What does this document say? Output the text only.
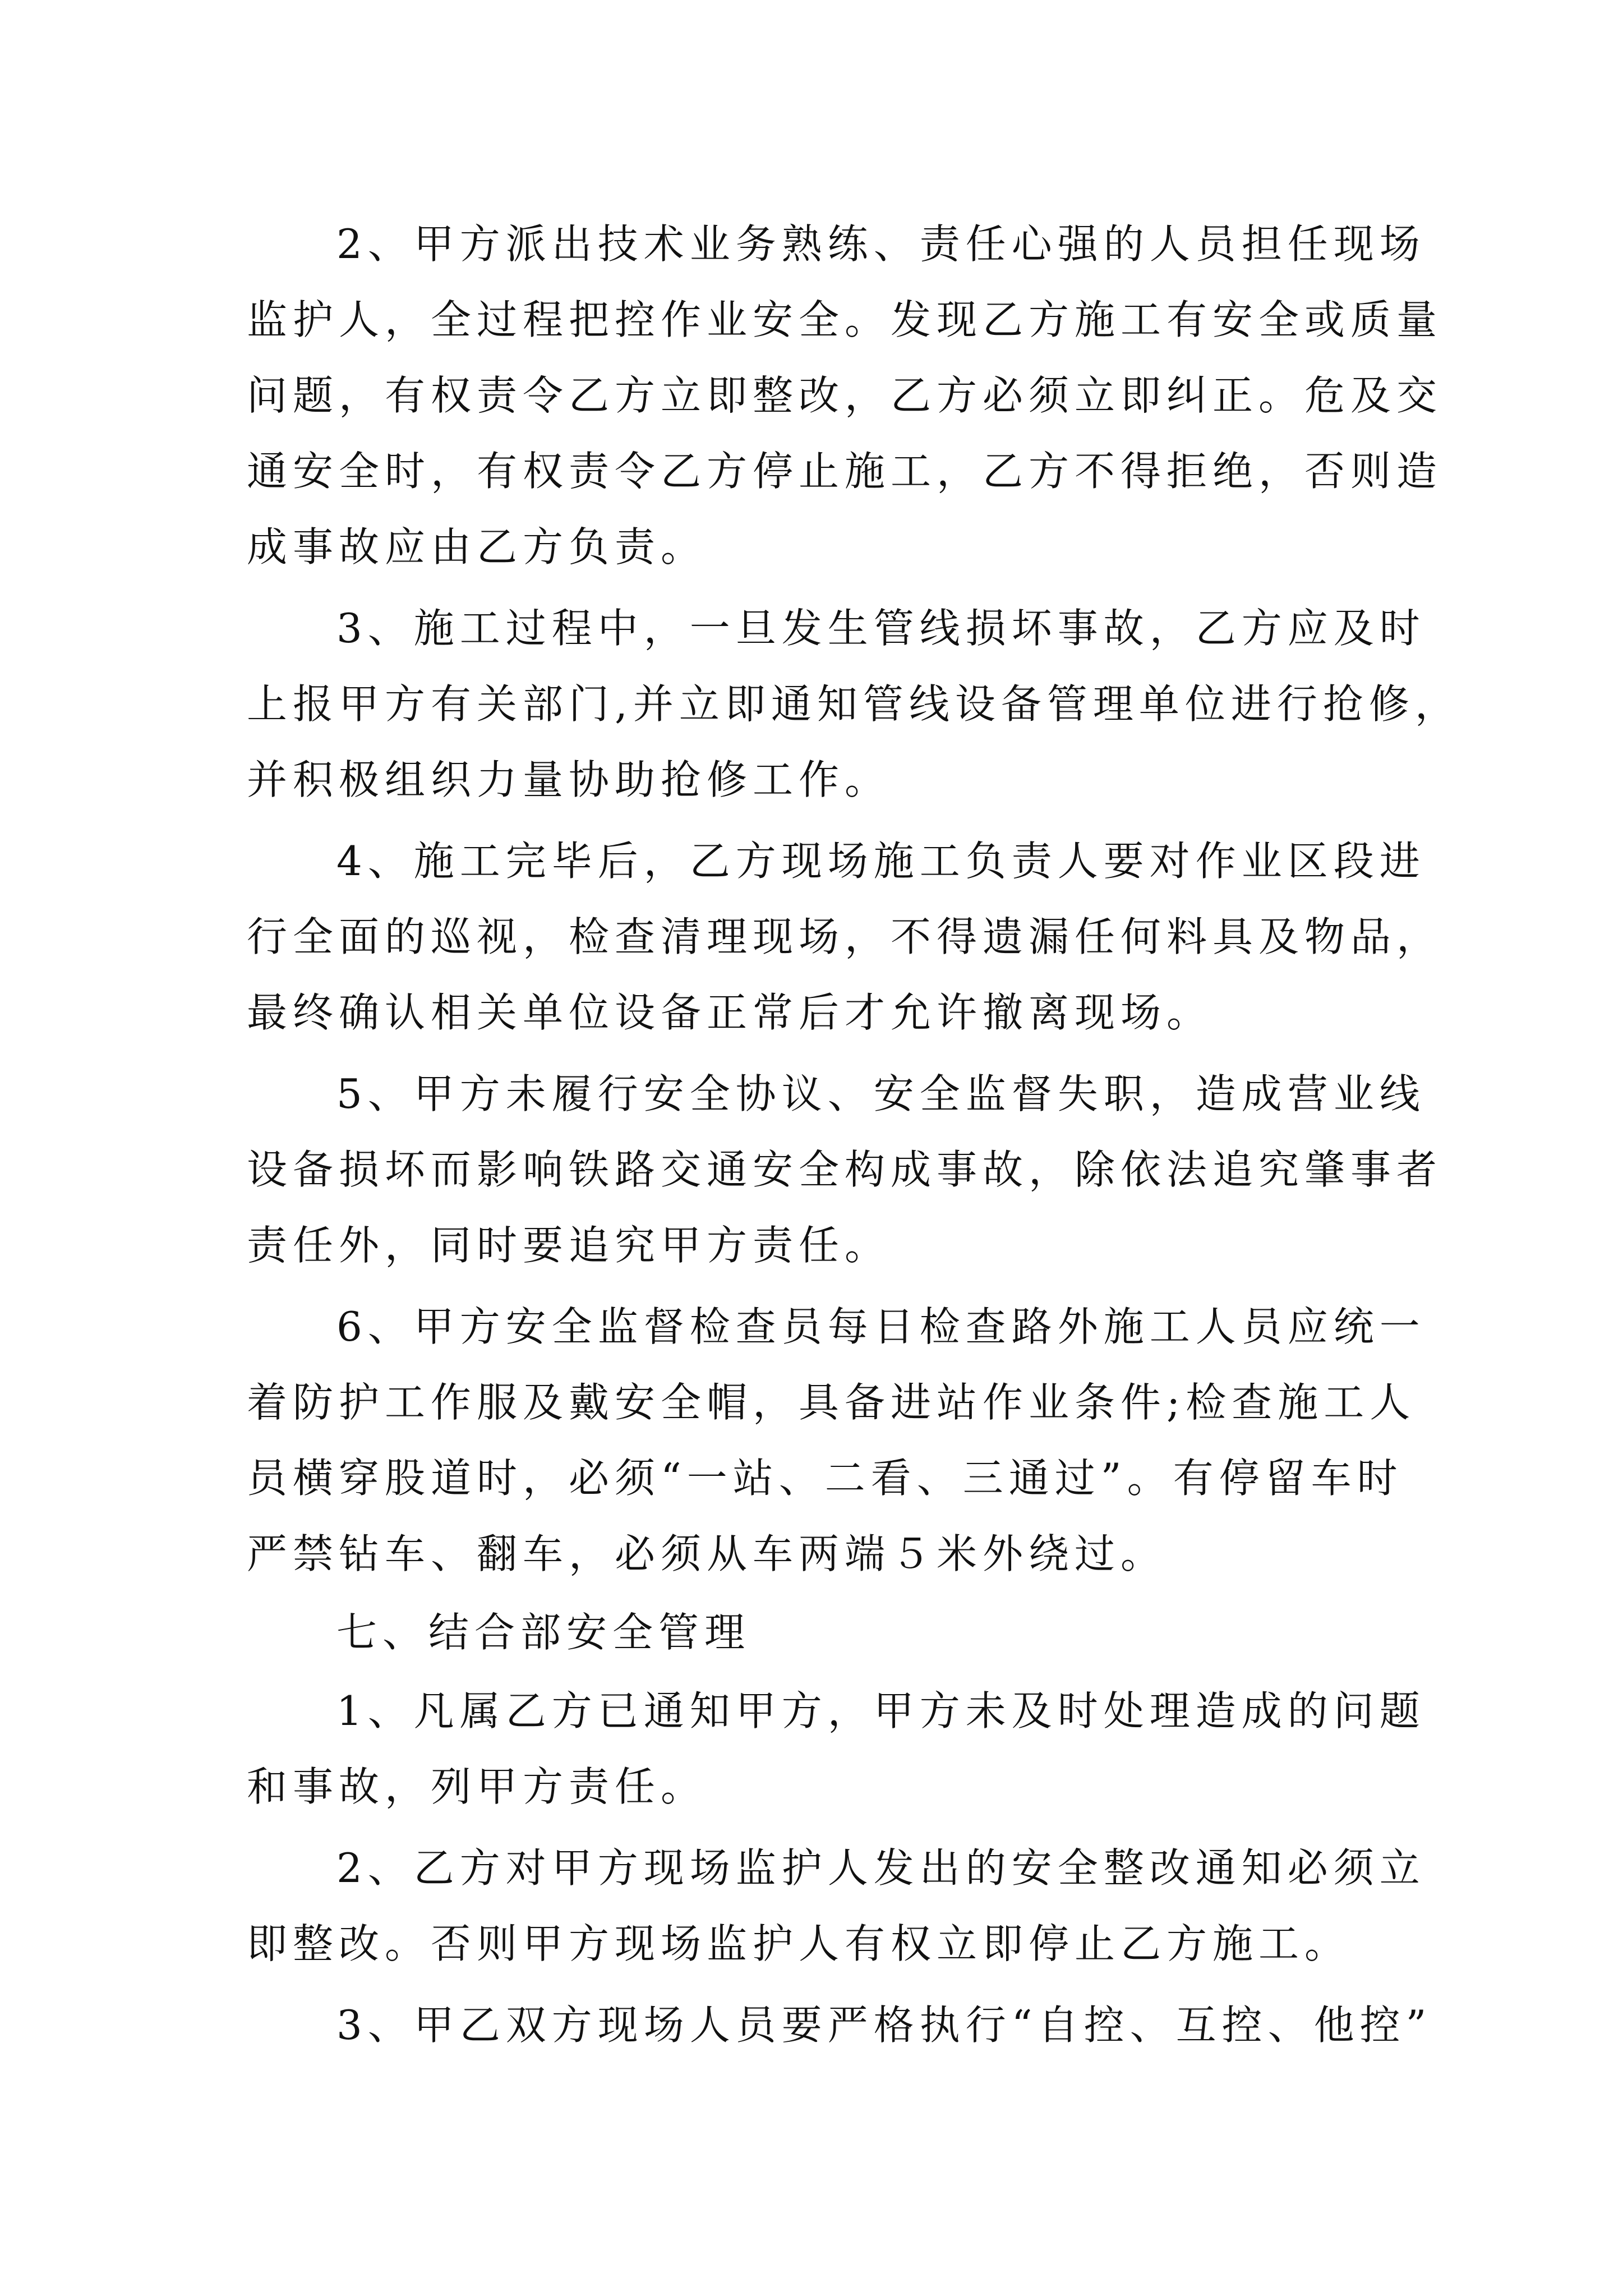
2、甲方派出技术业务熟练、责任心强的人员担任现场
监护人，全过程把控作业安全。发现乙方施工有安全或质量
问题，有权责令乙方立即整改，乙方必须立即纠正。危及交
通安全时，有权责令乙方停止施工，乙方不得拒绝，否则造
成事故应由乙方负责。
3、施工过程中，一旦发生管线损坏事故，乙方应及时
上报甲方有关部门,并立即通知管线设备管理单位进行抢修，
并积极组织力量协助抢修工作。
4、施工完毕后，乙方现场施工负责人要对作业区段进
行全面的巡视，检查清理现场，不得遗漏任何料具及物品，
最终确认相关单位设备正常后才允许撤离现场。
5、甲方未履行安全协议、安全监督失职，造成营业线
设备损坏而影响铁路交通安全构成事故，除依法追究肇事者
责任外，同时要追究甲方责任。
6、甲方安全监督检查员每日检查路外施工人员应统一
着防护工作服及戴安全帽，具备进站作业条件;检查施工人
员横穿股道时，必须“一站、二看、三通过”。有停留车时
严禁钻车、翻车，必须从车两端５米外绕过。
七、结合部安全管理
1、凡属乙方已通知甲方，甲方未及时处理造成的问题
和事故，列甲方责任。
2、乙方对甲方现场监护人发出的安全整改通知必须立
即整改。否则甲方现场监护人有权立即停止乙方施工。
3、甲乙双方现场人员要严格执行“自控、互控、他控”
